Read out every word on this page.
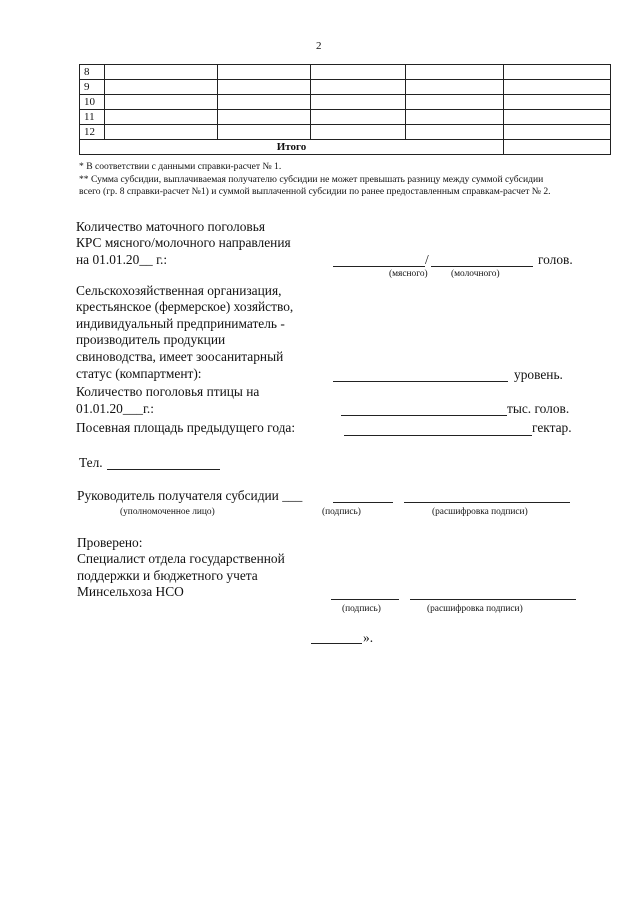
2
8					
9					
10					
11					
12					
Итого					
* В соответствии с данными справки-расчет № 1.
** Сумма субсидии, выплачиваемая получателю субсидии не может превышать разницу между суммой субсидии
всего (гр. 8 справки-расчет №1) и суммой выплаченной субсидии по ранее предоставленным справкам-расчет № 2.
Количество маточного поголовья
КРС мясного/молочного направления
на 01.01.20__ г.:	/	голов.
(мясного) (молочного)
Сельскохозяйственная организация,
крестьянское (фермерское) хозяйство,
индивидуальный предприниматель -
производитель продукции
свиноводства, имеет зоосанитарный
статус (компартмент):	уровень.
Количество поголовья птицы на
01.01.20___г.:	тыс. голов.
Посевная площадь предыдущего года:	гектар.
Тел.
Руководитель получателя субсидии ___
(уполномоченное лицо)	(подпись)	(расшифровка подписи)
Проверено:
Специалист отдела государственной
поддержки и бюджетного учета
Минсельхоза НСО
(подпись)	(расшифровка подписи)
».
